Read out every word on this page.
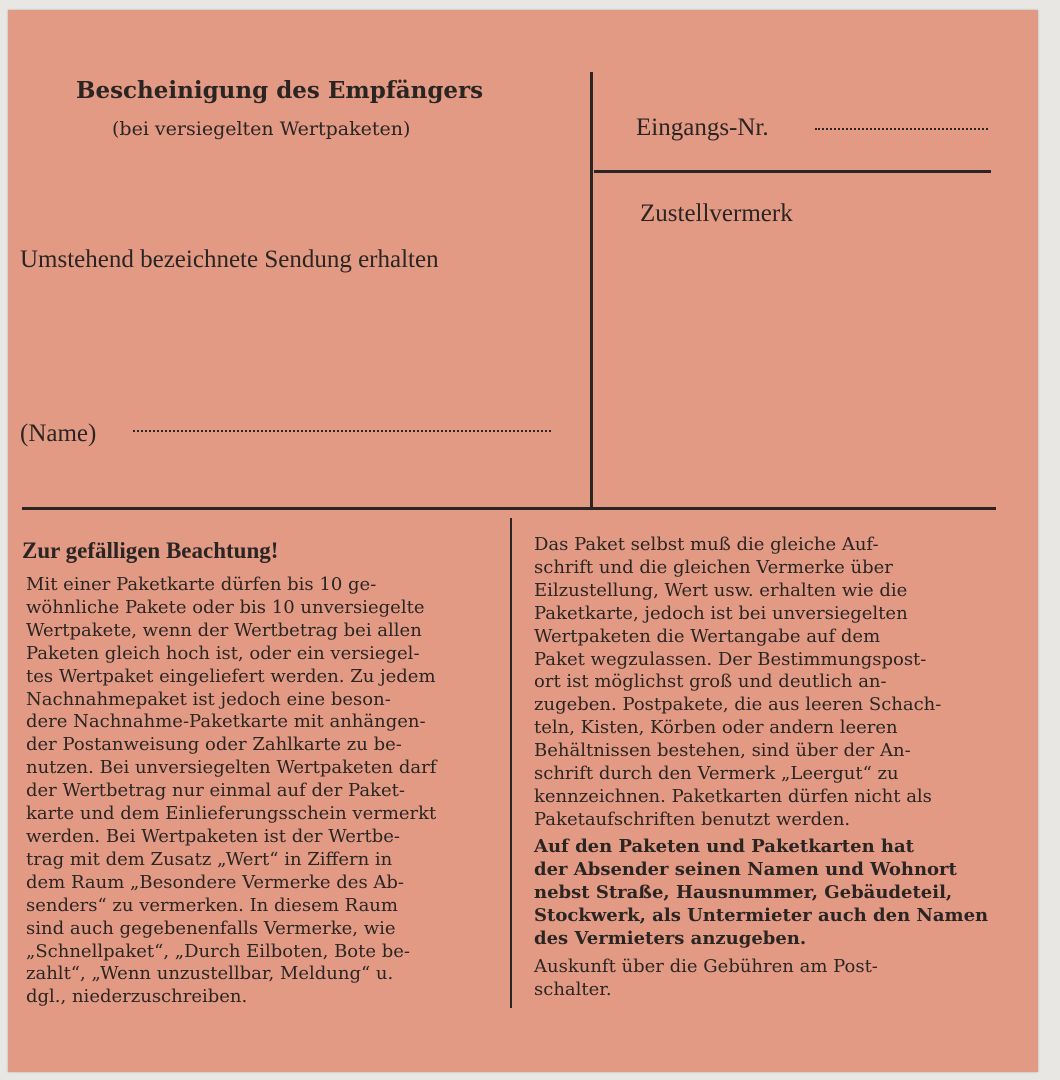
Bescheinigung des Empfängers
(bei versiegelten Wertpaketen)
Umstehend bezeichnete Sendung erhalten
(Name)
Eingangs-Nr.
Zustellvermerk
Zur gefälligen Beachtung!
Mit einer Paketkarte dürfen bis 10 ge-
wöhnliche Pakete oder bis 10 unversiegelte
Wertpakete, wenn der Wertbetrag bei allen
Paketen gleich hoch ist, oder ein versiegel-
tes Wertpaket eingeliefert werden. Zu jedem
Nachnahmepaket ist jedoch eine beson-
dere Nachnahme-Paketkarte mit anhängen-
der Postanweisung oder Zahlkarte zu be-
nutzen. Bei unversiegelten Wertpaketen darf
der Wertbetrag nur einmal auf der Paket-
karte und dem Einlieferungsschein vermerkt
werden. Bei Wertpaketen ist der Wertbe-
trag mit dem Zusatz „Wert“ in Ziffern in
dem Raum „Besondere Vermerke des Ab-
senders“ zu vermerken. In diesem Raum
sind auch gegebenenfalls Vermerke, wie
„Schnellpaket“, „Durch Eilboten, Bote be-
zahlt“, „Wenn unzustellbar, Meldung“ u.
dgl., niederzuschreiben.
Das Paket selbst muß die gleiche Auf-
schrift und die gleichen Vermerke über
Eilzustellung, Wert usw. erhalten wie die
Paketkarte, jedoch ist bei unversiegelten
Wertpaketen die Wertangabe auf dem
Paket wegzulassen. Der Bestimmungspost-
ort ist möglichst groß und deutlich an-
zugeben. Postpakete, die aus leeren Schach-
teln, Kisten, Körben oder andern leeren
Behältnissen bestehen, sind über der An-
schrift durch den Vermerk „Leergut“ zu
kennzeichnen. Paketkarten dürfen nicht als
Paketaufschriften benutzt werden.
Auf den Paketen und Paketkarten hat
der Absender seinen Namen und Wohnort
nebst Straße, Hausnummer, Gebäudeteil,
Stockwerk, als Untermieter auch den Namen
des Vermieters anzugeben.
Auskunft über die Gebühren am Post-
schalter.
